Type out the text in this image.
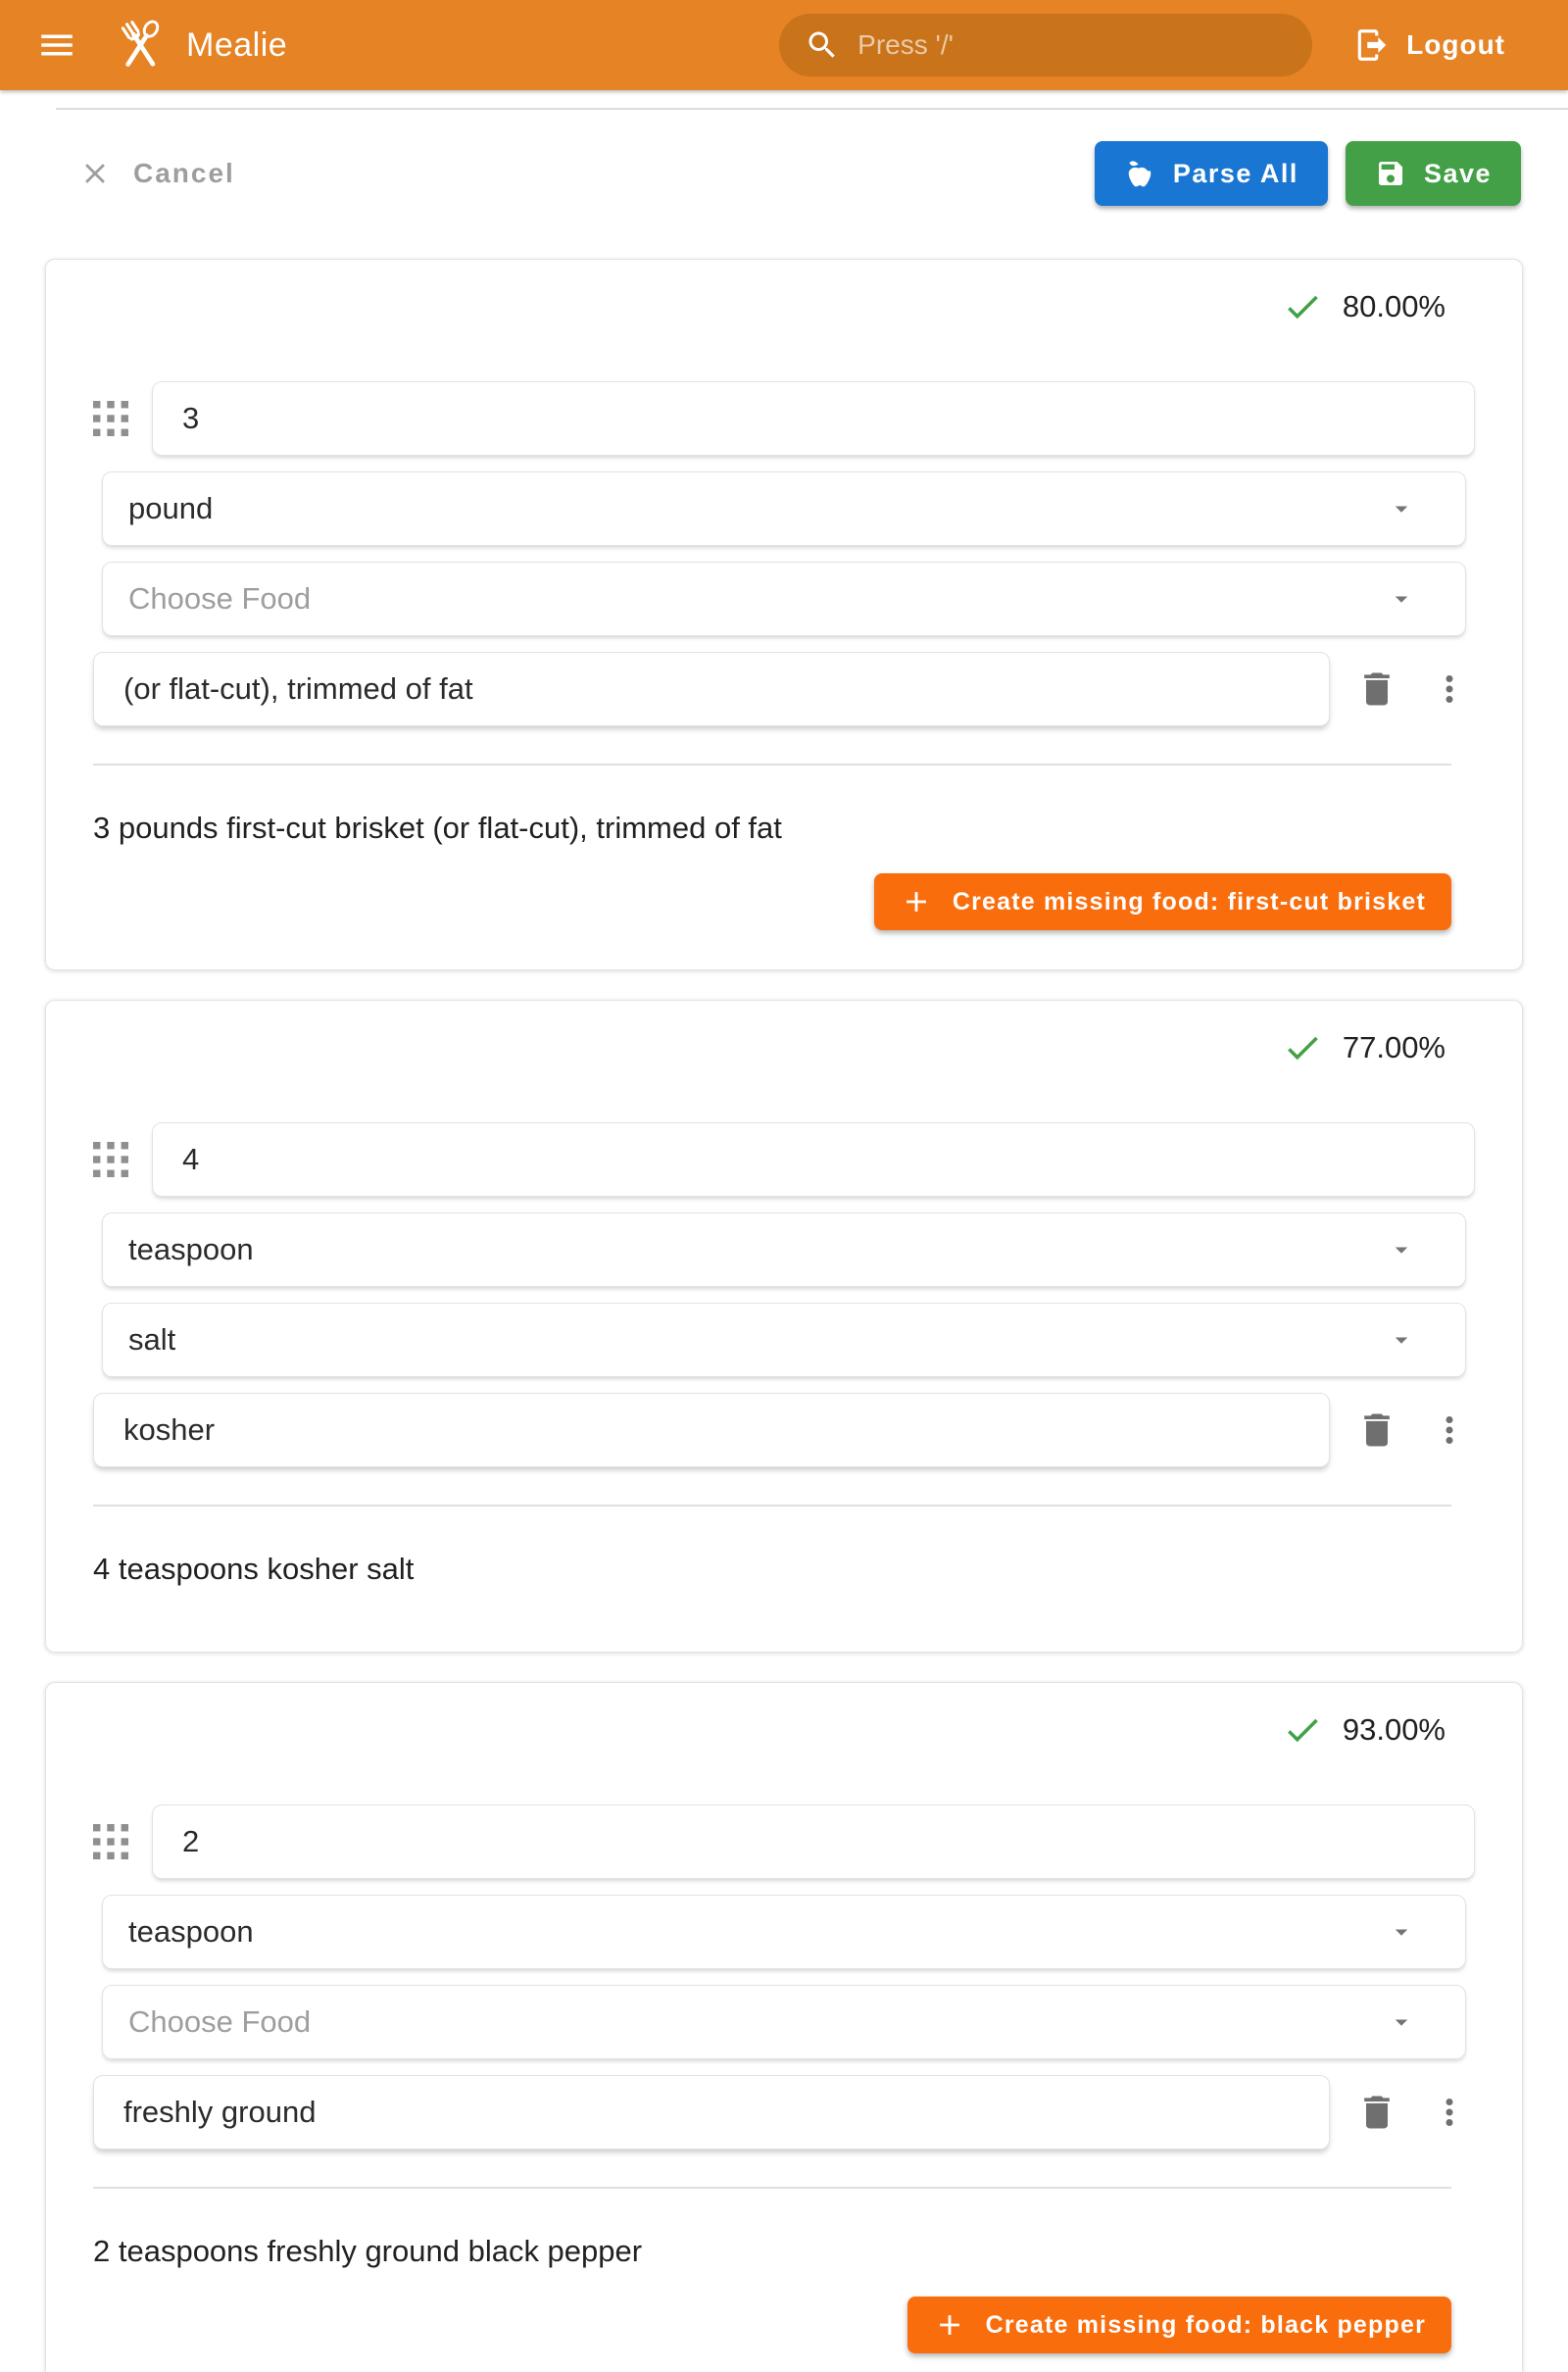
Mealie	Press '/'	Logout
Cancel	Parse All	Save
80.00%
3
pound
Choose Food
(or flat-cut), trimmed of fat

3 pounds first-cut brisket (or flat-cut), trimmed of fat

Create missing food: first-cut brisket
77.00%
4
teaspoon
salt
kosher

4 teaspoons kosher salt

93.00%
2
teaspoon
Choose Food
freshly ground

2 teaspoons freshly ground black pepper

Create missing food: black pepper
